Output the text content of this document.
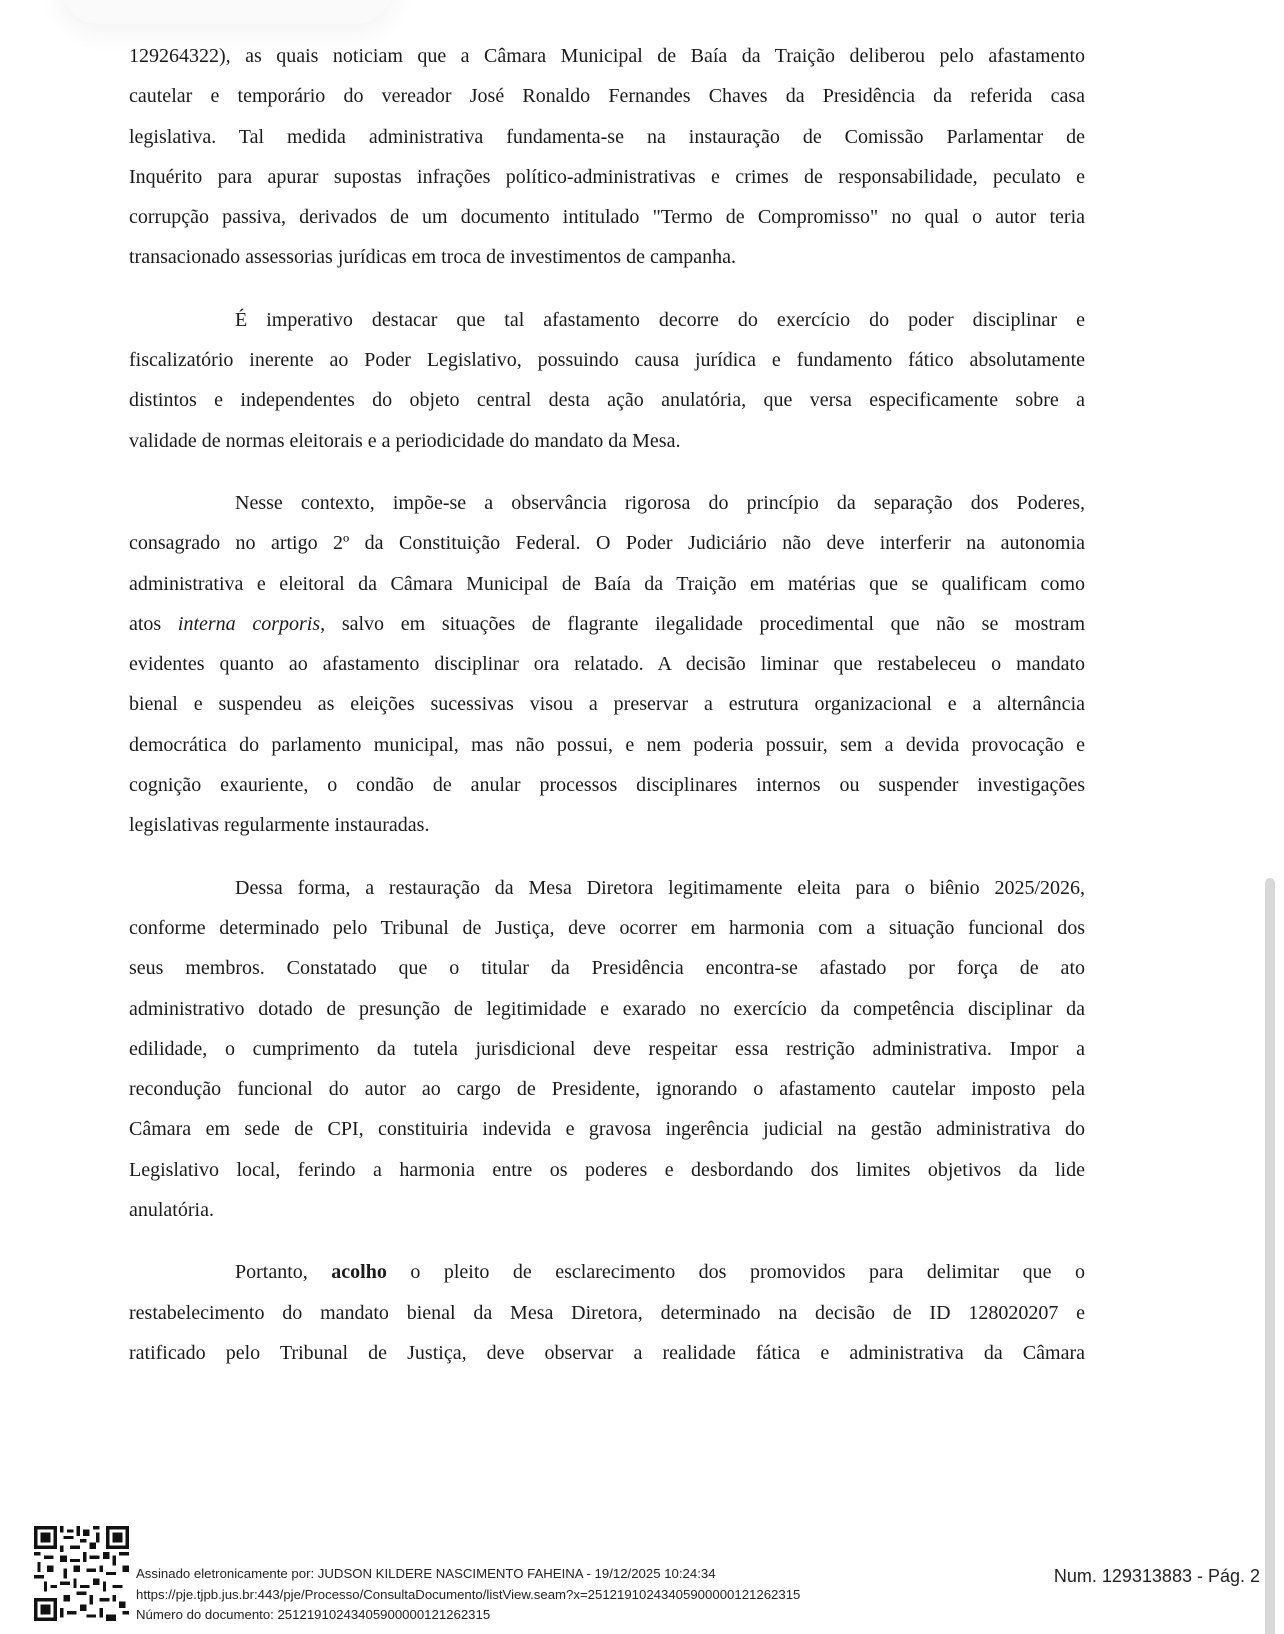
129264322), as quais noticiam que a Câmara Municipal de Baía da Traição deliberou pelo afastamento
cautelar e temporário do vereador José Ronaldo Fernandes Chaves da Presidência da referida casa
legislativa. Tal medida administrativa fundamenta-se na instauração de Comissão Parlamentar de
Inquérito para apurar supostas infrações político-administrativas e crimes de responsabilidade, peculato e
corrupção passiva, derivados de um documento intitulado "Termo de Compromisso" no qual o autor teria
transacionado assessorias jurídicas em troca de investimentos de campanha.

É imperativo destacar que tal afastamento decorre do exercício do poder disciplinar e
fiscalizatório inerente ao Poder Legislativo, possuindo causa jurídica e fundamento fático absolutamente
distintos e independentes do objeto central desta ação anulatória, que versa especificamente sobre a
validade de normas eleitorais e a periodicidade do mandato da Mesa.

Nesse contexto, impõe-se a observância rigorosa do princípio da separação dos Poderes,
consagrado no artigo 2º da Constituição Federal. O Poder Judiciário não deve interferir na autonomia
administrativa e eleitoral da Câmara Municipal de Baía da Traição em matérias que se qualificam como
atos interna corporis, salvo em situações de flagrante ilegalidade procedimental que não se mostram
evidentes quanto ao afastamento disciplinar ora relatado. A decisão liminar que restabeleceu o mandato
bienal e suspendeu as eleições sucessivas visou a preservar a estrutura organizacional e a alternância
democrática do parlamento municipal, mas não possui, e nem poderia possuir, sem a devida provocação e
cognição exauriente, o condão de anular processos disciplinares internos ou suspender investigações
legislativas regularmente instauradas.

Dessa forma, a restauração da Mesa Diretora legitimamente eleita para o biênio 2025/2026,
conforme determinado pelo Tribunal de Justiça, deve ocorrer em harmonia com a situação funcional dos
seus membros. Constatado que o titular da Presidência encontra-se afastado por força de ato
administrativo dotado de presunção de legitimidade e exarado no exercício da competência disciplinar da
edilidade, o cumprimento da tutela jurisdicional deve respeitar essa restrição administrativa. Impor a
recondução funcional do autor ao cargo de Presidente, ignorando o afastamento cautelar imposto pela
Câmara em sede de CPI, constituiria indevida e gravosa ingerência judicial na gestão administrativa do
Legislativo local, ferindo a harmonia entre os poderes e desbordando dos limites objetivos da lide
anulatória.

Portanto, acolho o pleito de esclarecimento dos promovidos para delimitar que o
restabelecimento do mandato bienal da Mesa Diretora, determinado na decisão de ID 128020207 e
ratificado pelo Tribunal de Justiça, deve observar a realidade fática e administrativa da Câmara

Assinado eletronicamente por: JUDSON KILDERE NASCIMENTO FAHEINA - 19/12/2025 10:24:34
https://pje.tjpb.jus.br:443/pje/Processo/ConsultaDocumento/listView.seam?x=25121910243405900000121262315
Número do documento: 25121910243405900000121262315
Num. 129313883 - Pág. 2
